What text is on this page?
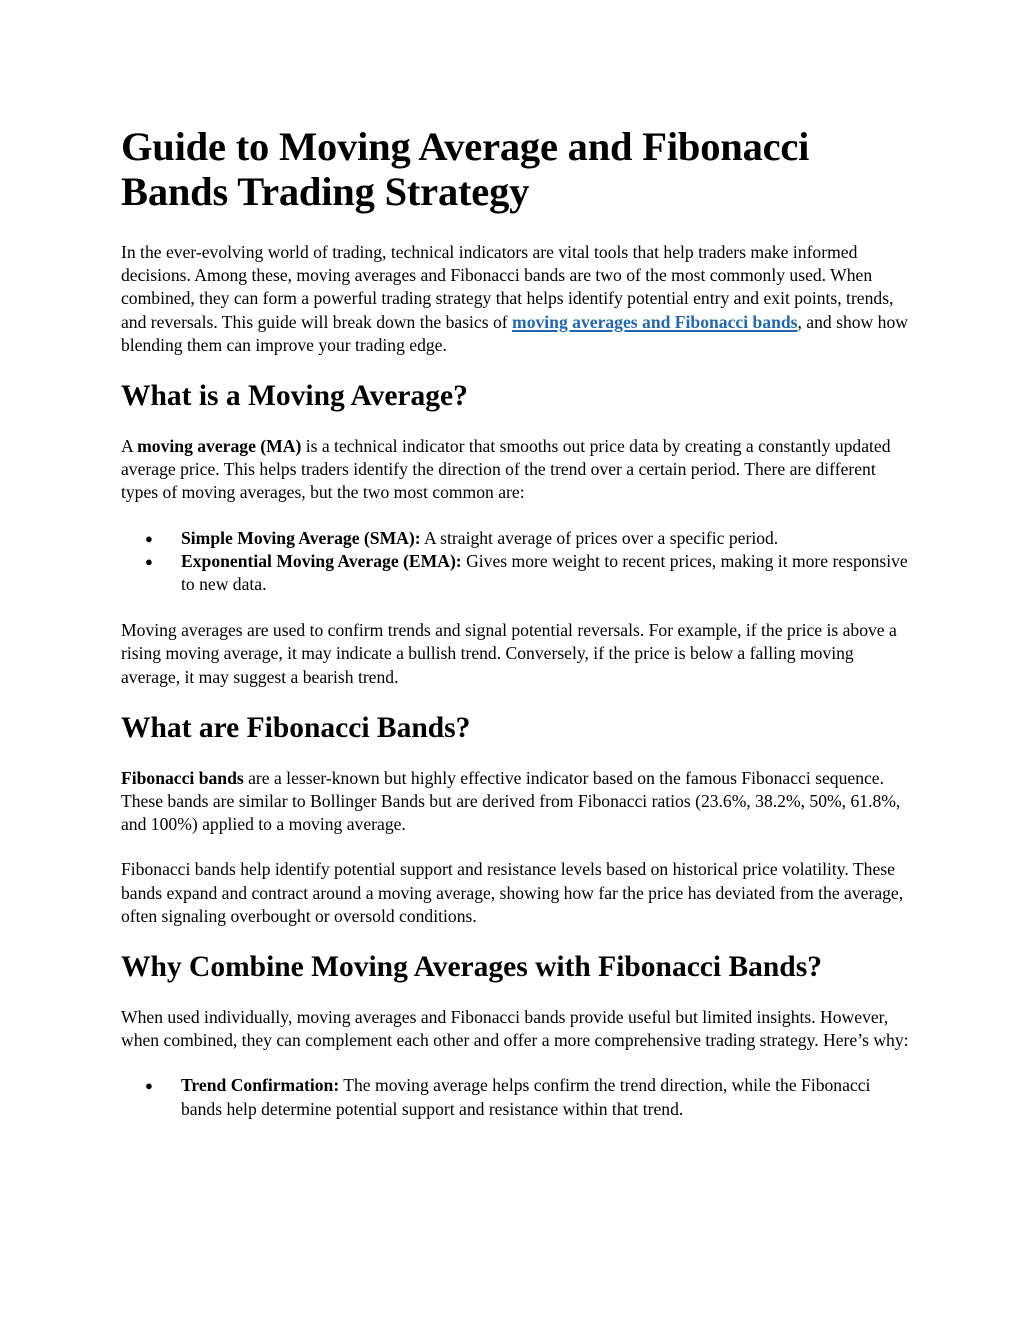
Guide to Moving Average and Fibonacci Bands Trading Strategy

In the ever-evolving world of trading, technical indicators are vital tools that help traders make informed decisions. Among these, moving averages and Fibonacci bands are two of the most commonly used. When combined, they can form a powerful trading strategy that helps identify potential entry and exit points, trends, and reversals. This guide will break down the basics of moving averages and Fibonacci bands, and show how blending them can improve your trading edge.

What is a Moving Average?

A moving average (MA) is a technical indicator that smooths out price data by creating a constantly updated average price. This helps traders identify the direction of the trend over a certain period. There are different types of moving averages, but the two most common are:

● Simple Moving Average (SMA): A straight average of prices over a specific period.
● Exponential Moving Average (EMA): Gives more weight to recent prices, making it more responsive to new data.

Moving averages are used to confirm trends and signal potential reversals. For example, if the price is above a rising moving average, it may indicate a bullish trend. Conversely, if the price is below a falling moving average, it may suggest a bearish trend.

What are Fibonacci Bands?

Fibonacci bands are a lesser-known but highly effective indicator based on the famous Fibonacci sequence. These bands are similar to Bollinger Bands but are derived from Fibonacci ratios (23.6%, 38.2%, 50%, 61.8%, and 100%) applied to a moving average.

Fibonacci bands help identify potential support and resistance levels based on historical price volatility. These bands expand and contract around a moving average, showing how far the price has deviated from the average, often signaling overbought or oversold conditions.

Why Combine Moving Averages with Fibonacci Bands?

When used individually, moving averages and Fibonacci bands provide useful but limited insights. However, when combined, they can complement each other and offer a more comprehensive trading strategy. Here’s why:

● Trend Confirmation: The moving average helps confirm the trend direction, while the Fibonacci bands help determine potential support and resistance within that trend.
